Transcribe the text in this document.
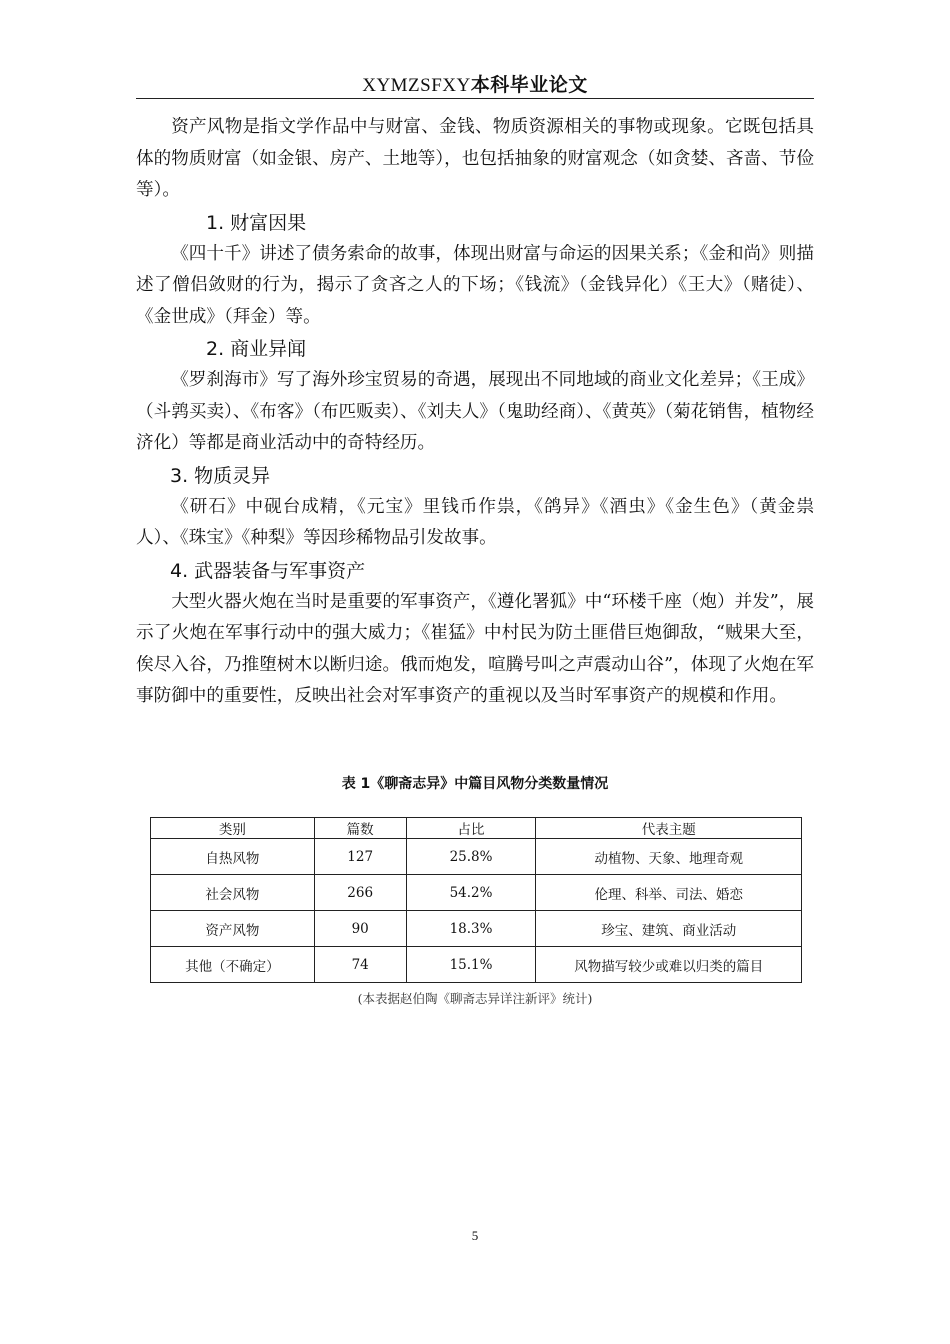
XYMZSFXY本科毕业论文

资产风物是指文学作品中与财富、金钱、物质资源相关的事物或现象。它既包括具体的物质财富（如金银、房产、土地等），也包括抽象的财富观念（如贪婪、吝啬、节俭等）。

1. 财富因果

《四十千》讲述了债务索命的故事，体现出财富与命运的因果关系；《金和尚》则描述了僧侣敛财的行为，揭示了贪吝之人的下场；《钱流》（金钱异化）《王大》（赌徒）、《金世成》（拜金）等。

2. 商业异闻

《罗刹海市》写了海外珍宝贸易的奇遇，展现出不同地域的商业文化差异；《王成》（斗鹑买卖）、《布客》（布匹贩卖）、《刘夫人》（鬼助经商）、《黄英》（菊花销售，植物经济化）等都是商业活动中的奇特经历。

3. 物质灵异

《研石》中砚台成精，《元宝》里钱币作祟，《鸽异》《酒虫》《金生色》（黄金祟人）、《珠宝》《种梨》等因珍稀物品引发故事。

4. 武器装备与军事资产

大型火器火炮在当时是重要的军事资产，《遵化署狐》中“环楼千座（炮）并发”，展示了火炮在军事行动中的强大威力；《崔猛》中村民为防土匪借巨炮御敌，“贼果大至，俟尽入谷，乃推堕树木以断归途。俄而炮发，喧腾号叫之声震动山谷”，体现了火炮在军事防御中的重要性，反映出社会对军事资产的重视以及当时军事资产的规模和作用。

表 1《聊斋志异》中篇目风物分类数量情况
类别	篇数	占比	代表主题
自热风物	127	25.8%	动植物、天象、地理奇观
社会风物	266	54.2%	伦理、科举、司法、婚恋
资产风物	90	18.3%	珍宝、建筑、商业活动
其他（不确定）	74	15.1%	风物描写较少或难以归类的篇目
(本表据赵伯陶《聊斋志异详注新评》统计)
5
